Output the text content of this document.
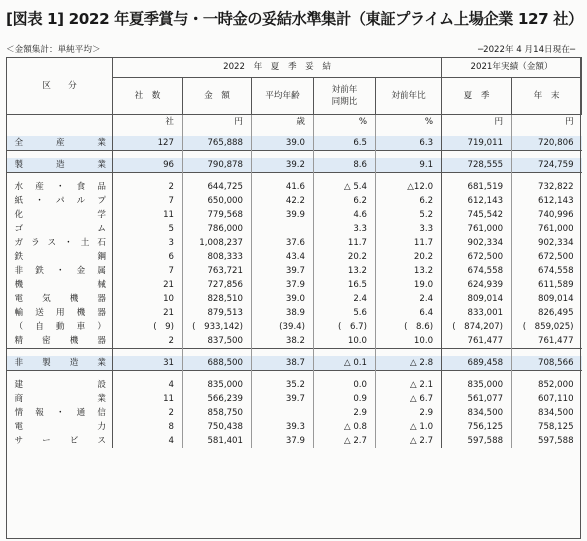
[図表 1] 2022 年夏季賞与・一時金の妥結水準集計（東証プライム上場企業 127 社）
＜金額集計：単純平均＞	─2022年 4 月14日現在─
区　　分	2022　年　夏　季　妥　結					2021年実績（金額）	
	社　数	金　額	平均年齢	対前年
同期比	対前年比	夏　季	年　末
	社	円	歳	%	%	円	円

全　産　業	127	765,888	39.0	6.5	6.3	719,011	720,806

製　造　業	96	790,878	39.2	8.6	9.1	728,555	724,759

水産・食品	2	644,725	41.6	△ 5.4	△12.0	681,519	732,822
紙・パルプ	7	650,000	42.2	6.2	6.2	612,143	612,143
化学	11	779,568	39.9	4.6	5.2	745,542	740,996
ゴム	5	786,000		3.3	3.3	761,000	761,000
ガラス・土石	3	1,008,237	37.6	11.7	11.7	902,334	902,334
鉄鋼	6	808,333	43.4	20.2	20.2	672,500	672,500
非鉄・金属	7	763,721	39.7	13.2	13.2	674,558	674,558
機械	21	727,856	37.9	16.5	19.0	624,939	611,589
電気機器	10	828,510	39.0	2.4	2.4	809,014	809,014
輸送用機器	21	879,513	38.9	5.6	6.4	833,001	826,495
（自動車）	(　9)	(　933,142)	(39.4)	(　6.7)	(　8.6)	(　874,207)	(　859,025)
精密機器	2	837,500	38.2	10.0	10.0	761,477	761,477

非　製　造　業	31	688,500	38.7	△ 0.1	△ 2.8	689,458	708,566

建設	4	835,000	35.2	0.0	△ 2.1	835,000	852,000
商業	11	566,239	39.7	0.9	△ 6.7	561,077	607,110
情報・通信	2	858,750		2.9	2.9	834,500	834,500
電力	8	750,438	39.3	△ 0.8	△ 1.0	756,125	758,125
サービス	4	581,401	37.9	△ 2.7	△ 2.7	597,588	597,588
